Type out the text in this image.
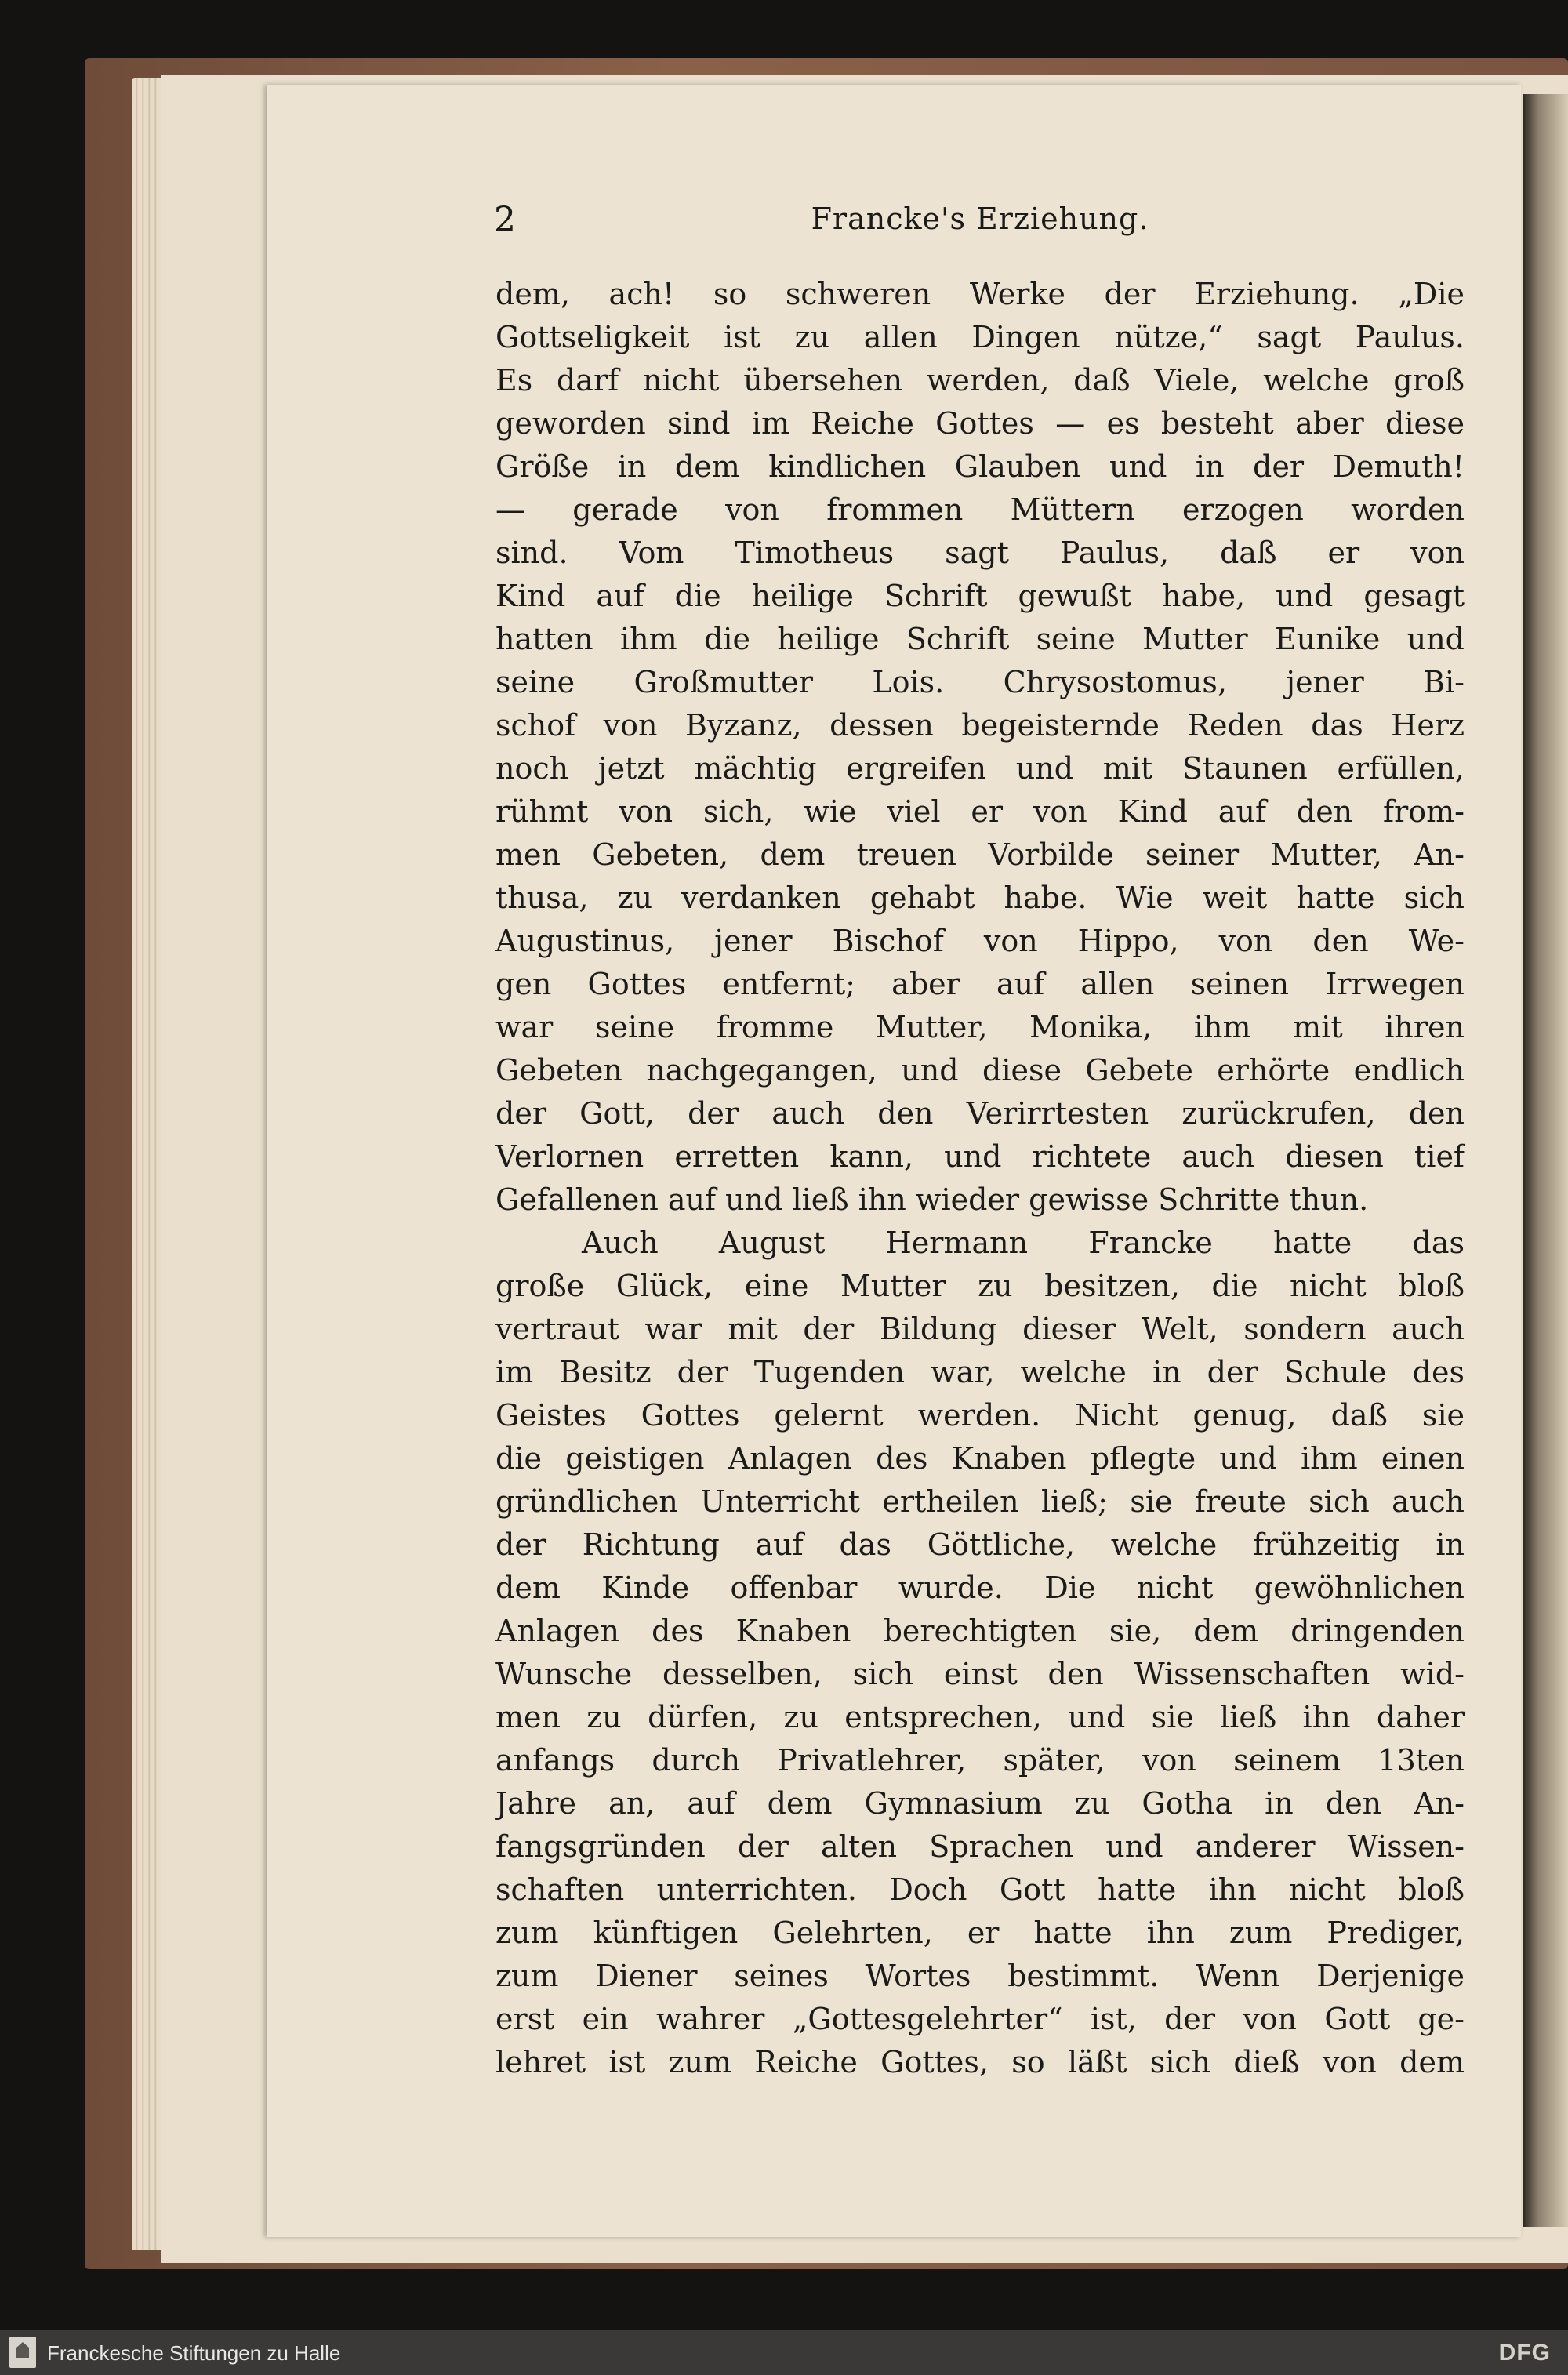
2	Francke's Erziehung.
dem, ach! so schweren Werke der Erziehung. „Die
Gottseligkeit ist zu allen Dingen nütze,“ sagt Paulus.
Es darf nicht übersehen werden, daß Viele, welche groß
geworden sind im Reiche Gottes — es besteht aber diese
Größe in dem kindlichen Glauben und in der Demuth!
— gerade von frommen Müttern erzogen worden
sind. Vom Timotheus sagt Paulus, daß er von
Kind auf die heilige Schrift gewußt habe, und gesagt
hatten ihm die heilige Schrift seine Mutter Eunike und
seine Großmutter Lois. Chrysostomus, jener Bi-
schof von Byzanz, dessen begeisternde Reden das Herz
noch jetzt mächtig ergreifen und mit Staunen erfüllen,
rühmt von sich, wie viel er von Kind auf den from-
men Gebeten, dem treuen Vorbilde seiner Mutter, An-
thusa, zu verdanken gehabt habe. Wie weit hatte sich
Augustinus, jener Bischof von Hippo, von den We-
gen Gottes entfernt; aber auf allen seinen Irrwegen
war seine fromme Mutter, Monika, ihm mit ihren
Gebeten nachgegangen, und diese Gebete erhörte endlich
der Gott, der auch den Verirrtesten zurückrufen, den
Verlornen erretten kann, und richtete auch diesen tief
Gefallenen auf und ließ ihn wieder gewisse Schritte thun.
Auch August Hermann Francke hatte das
große Glück, eine Mutter zu besitzen, die nicht bloß
vertraut war mit der Bildung dieser Welt, sondern auch
im Besitz der Tugenden war, welche in der Schule des
Geistes Gottes gelernt werden. Nicht genug, daß sie
die geistigen Anlagen des Knaben pflegte und ihm einen
gründlichen Unterricht ertheilen ließ; sie freute sich auch
der Richtung auf das Göttliche, welche frühzeitig in
dem Kinde offenbar wurde. Die nicht gewöhnlichen
Anlagen des Knaben berechtigten sie, dem dringenden
Wunsche desselben, sich einst den Wissenschaften wid-
men zu dürfen, zu entsprechen, und sie ließ ihn daher
anfangs durch Privatlehrer, später, von seinem 13ten
Jahre an, auf dem Gymnasium zu Gotha in den An-
fangsgründen der alten Sprachen und anderer Wissen-
schaften unterrichten. Doch Gott hatte ihn nicht bloß
zum künftigen Gelehrten, er hatte ihn zum Prediger,
zum Diener seines Wortes bestimmt. Wenn Derjenige
erst ein wahrer „Gottesgelehrter“ ist, der von Gott ge-
lehret ist zum Reiche Gottes, so läßt sich dieß von dem
Franckesche Stiftungen zu Halle	DFG
